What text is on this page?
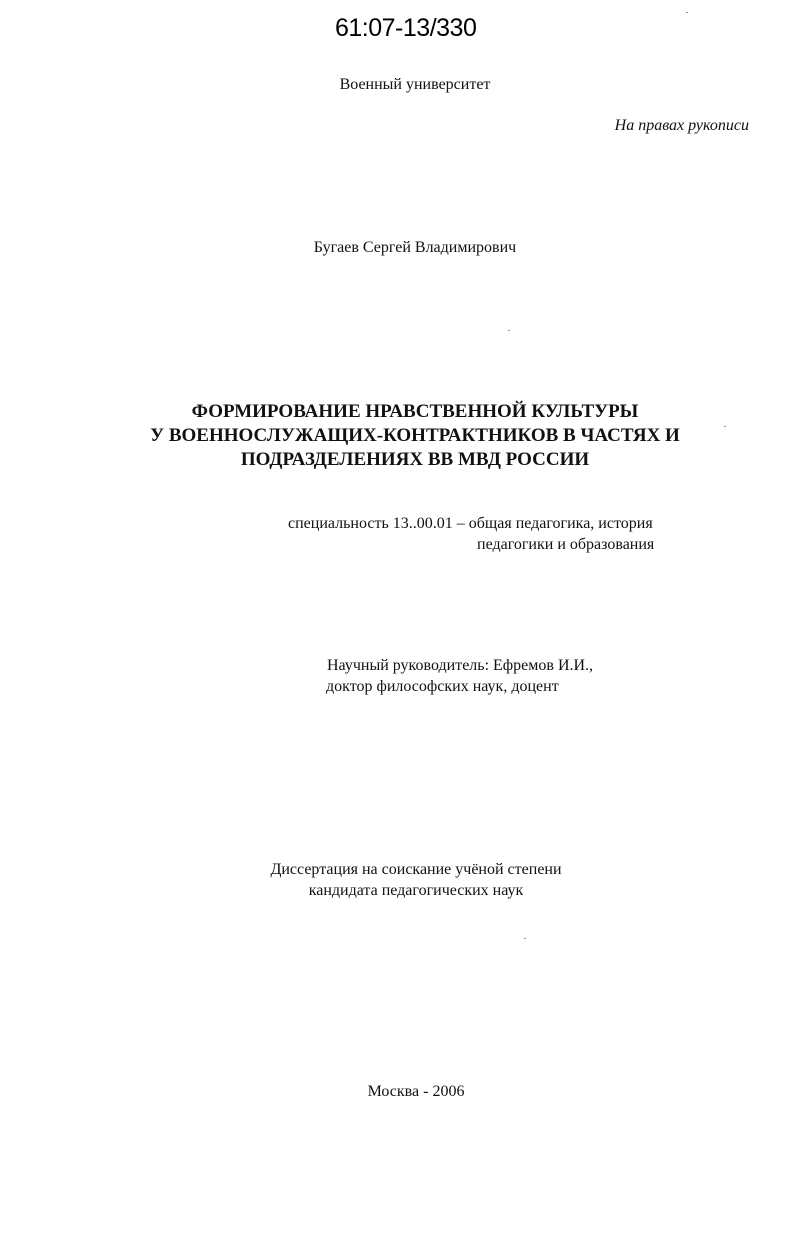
61:07-13/330
Военный университет
На правах рукописи
Бугаев Сергей Владимирович
ФОРМИРОВАНИЕ НРАВСТВЕННОЙ КУЛЬТУРЫ
У ВОЕННОСЛУЖАЩИХ-КОНТРАКТНИКОВ В ЧАСТЯХ И
ПОДРАЗДЕЛЕНИЯХ ВВ МВД РОССИИ
специальность 13..00.01 – общая педагогика, история
педагогики и образования
Научный руководитель: Ефремов И.И.,
доктор философских наук, доцент
Диссертация на соискание учёной степени
кандидата педагогических наук
Москва - 2006
